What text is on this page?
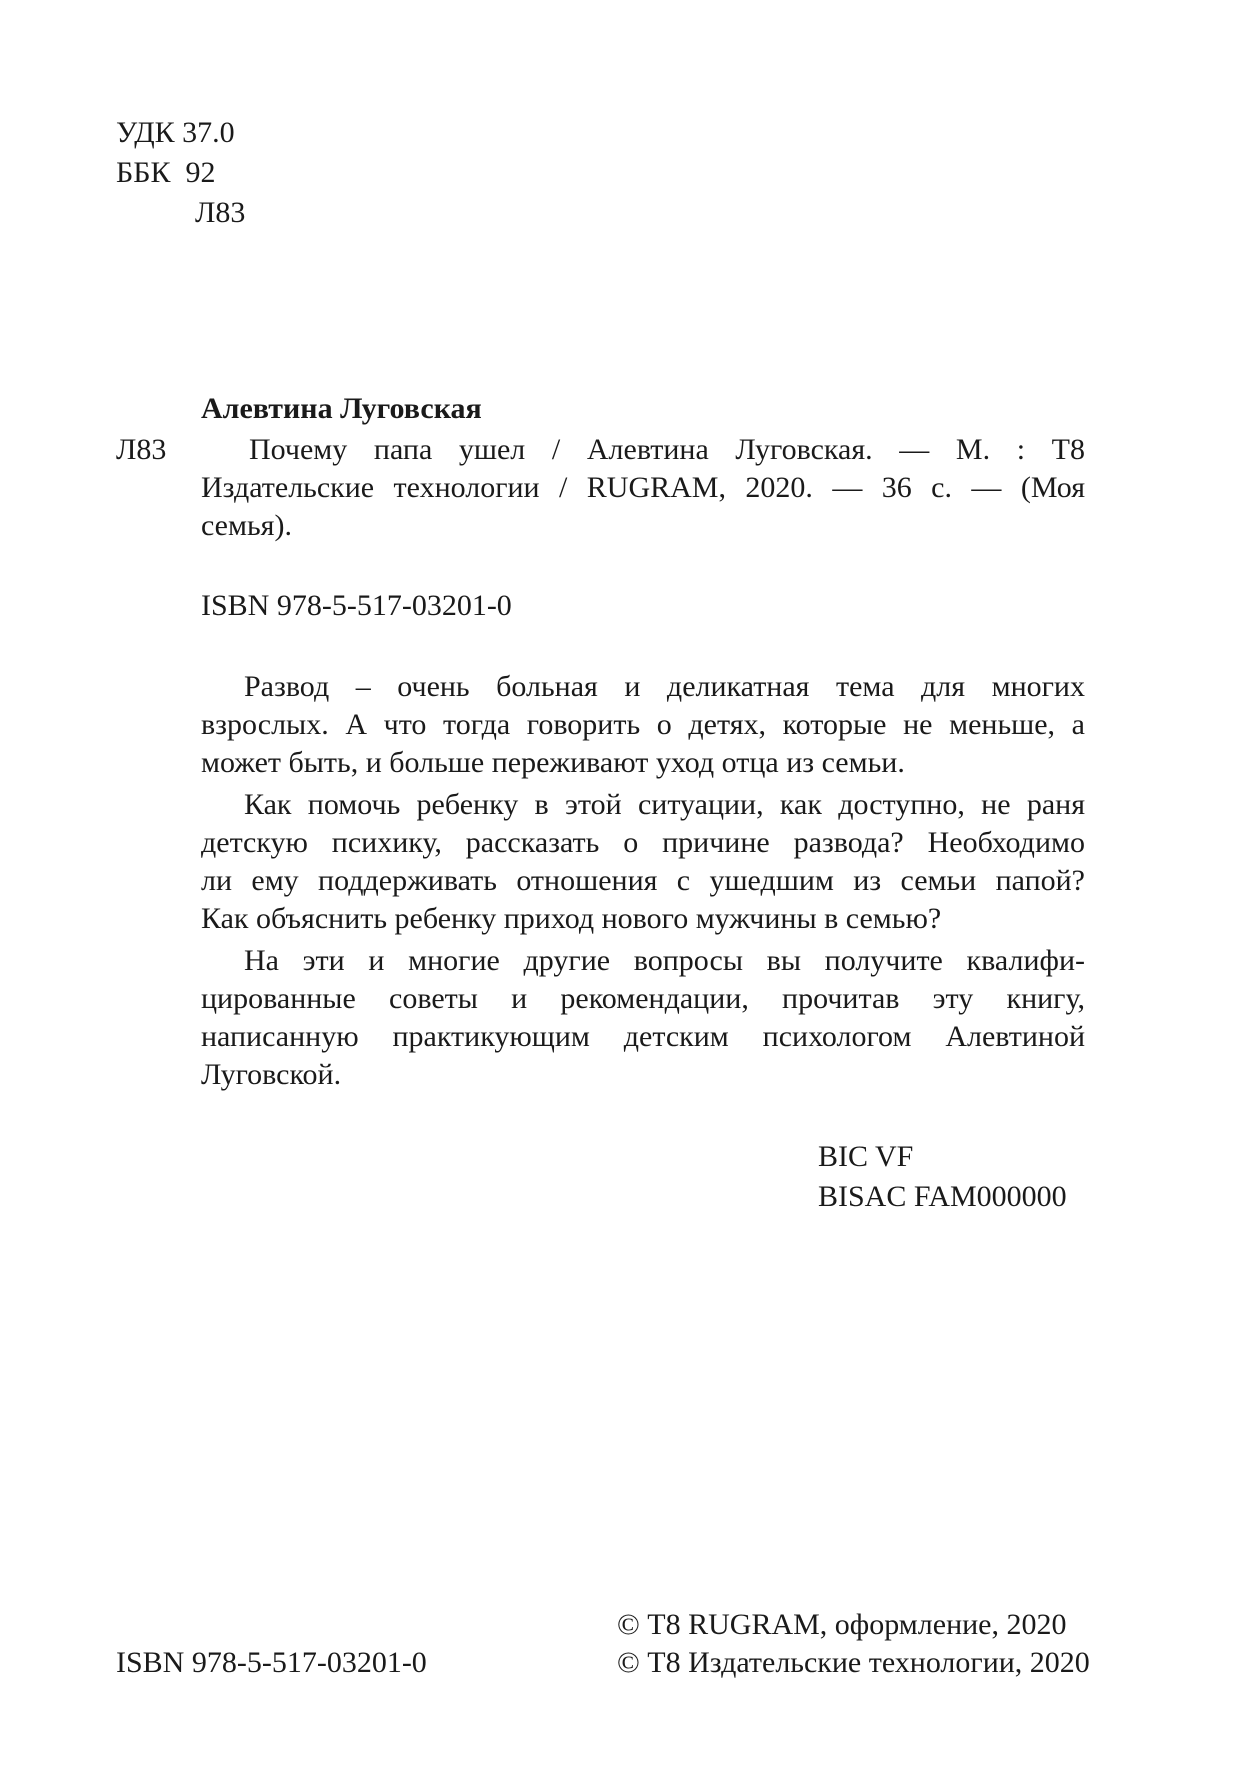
УДК 37.0
ББК  92
Л83
Алевтина Луговская
Л83	Почему папа ушел / Алевтина Луговская. — М. : Т8
Издательские технологии / RUGRAM, 2020. — 36 с. — (Моя
семья).
ISBN 978-5-517-03201-0
Развод – очень больная и деликатная тема для многих
взрослых. А что тогда говорить о детях, которые не меньше, а
может быть, и больше переживают уход отца из семьи.
Как помочь ребенку в этой ситуации, как доступно, не раня
детскую психику, рассказать о причине развода? Необходимо
ли ему поддерживать отношения с ушедшим из семьи папой?
Как объяснить ребенку приход нового мужчины в семью?
На эти и многие другие вопросы вы получите квалифи-
цированные советы и рекомендации, прочитав эту книгу,
написанную практикующим детским психологом Алевтиной
Луговской.
BIC VF
BISAC FAM000000
© Т8 RUGRAM, оформление, 2020
ISBN 978-5-517-03201-0	© Т8 Издательские технологии, 2020
